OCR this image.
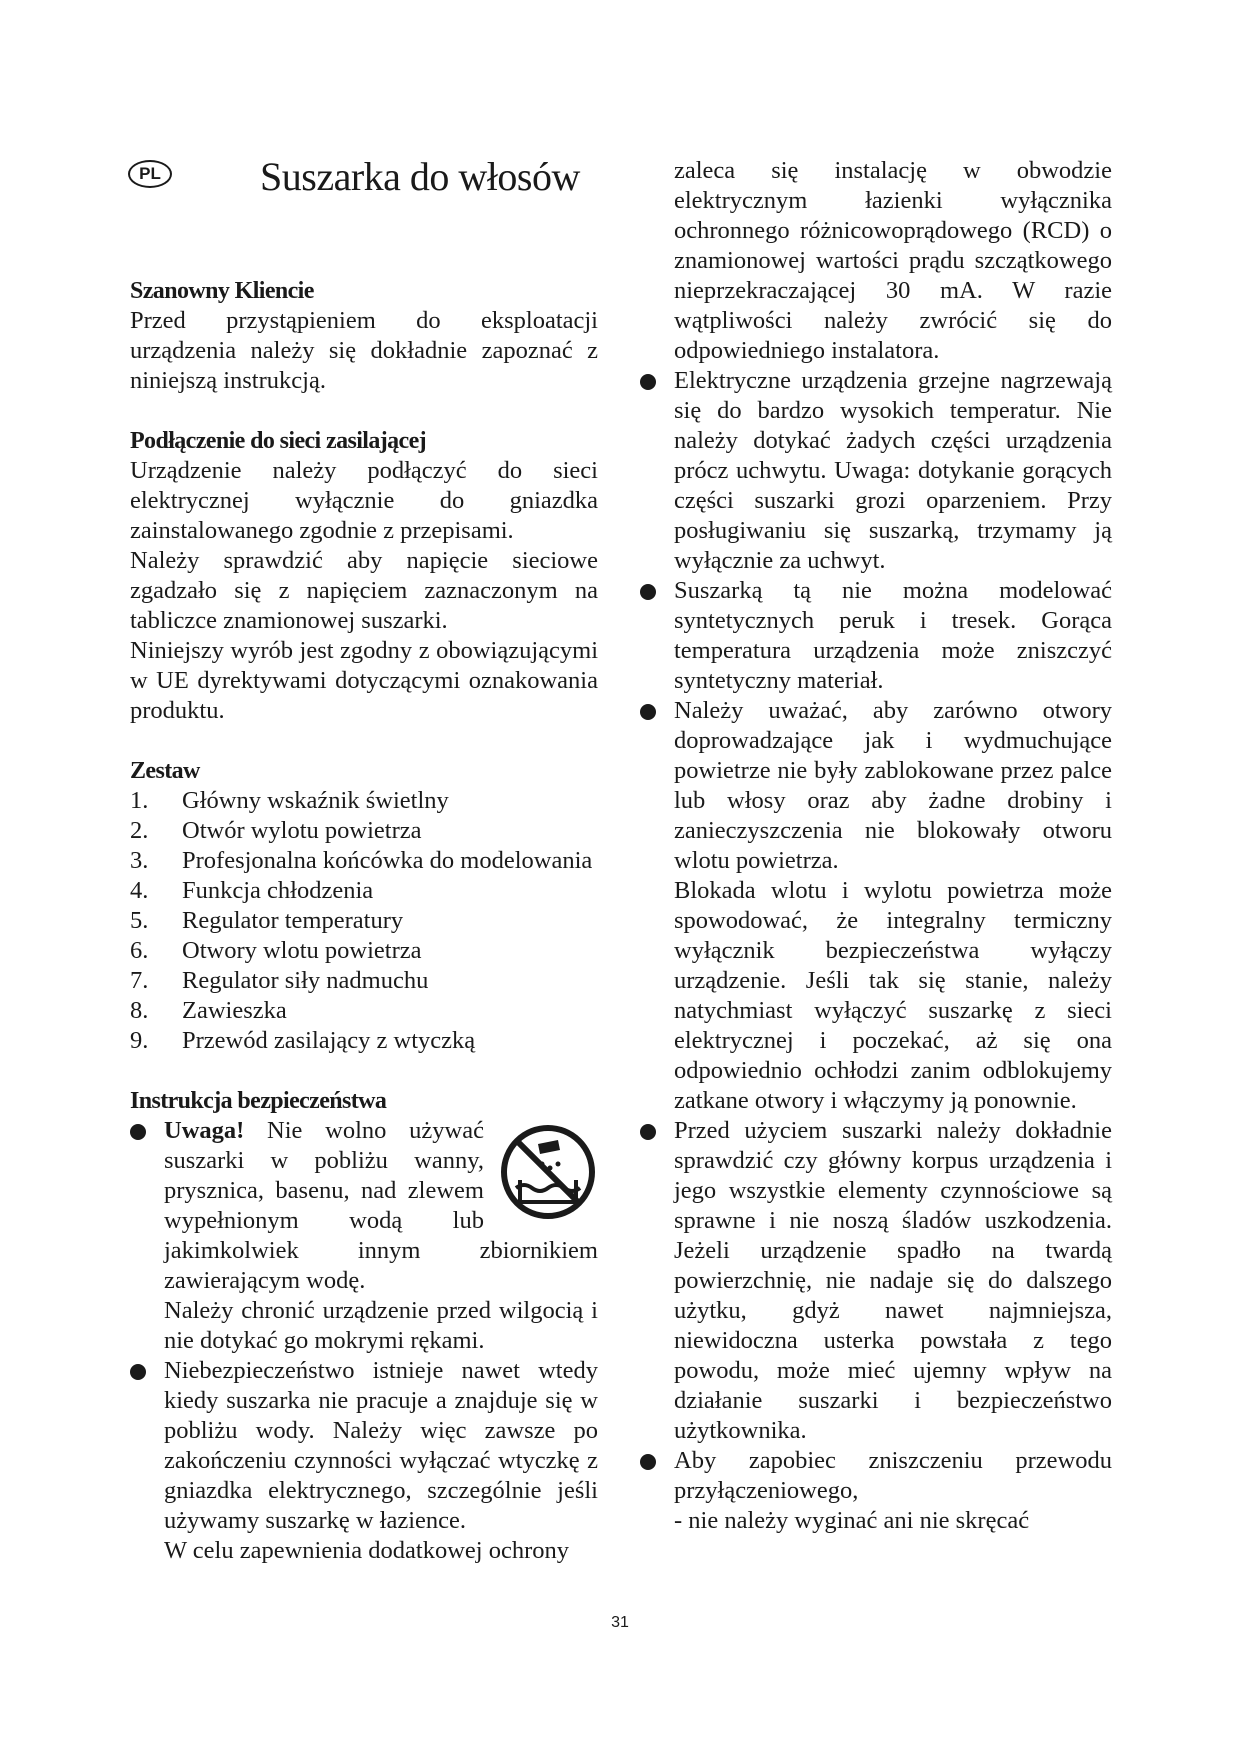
PL Suszarka do włosów
Szanowny Kliencie

Przed przystąpieniem do eksploatacji urządzenia należy się dokładnie zapoznać z niniejszą instrukcją.

Podłączenie do sieci zasilającej

Urządzenie należy podłączyć do sieci elektrycznej wyłącznie do gniazdka zainstalowanego zgodnie z przepisami.

Należy sprawdzić aby napięcie sieciowe zgadzało się z napięciem zaznaczonym na tabliczce znamionowej suszarki.

Niniejszy wyrób jest zgodny z obowiązującymi w UE dyrektywami dotyczącymi oznakowania produktu.

Zestaw
1. Główny wskaźnik świetlny
2. Otwór wylotu powietrza
3. Profesjonalna końcówka do modelowania
4. Funkcja chłodzenia
5. Regulator temperatury
6. Otwory wlotu powietrza
7. Regulator siły nadmuchu
8. Zawieszka
9. Przewód zasilający z wtyczką
Instrukcja bezpieczeństwa
Uwaga! Nie wolno używać suszarki w pobliżu wanny, prysznica, basenu, nad zlewem wypełnionym wodą lub jakimkolwiek innym zbiornikiem zawierającym wodę.
Należy chronić urządzenie przed wilgocią i nie dotykać go mokrymi rękami.
Niebezpieczeństwo istnieje nawet wtedy kiedy suszarka nie pracuje a znajduje się w pobliżu wody. Należy więc zawsze po zakończeniu czynności wyłączać wtyczkę z gniazdka elektrycznego, szczególnie jeśli używamy suszarkę w łazience.
W celu zapewnienia dodatkowej ochrony

zaleca się instalację w obwodzie elektrycznym łazienki wyłącznika ochronnego różnicowoprądowego (RCD) o znamionowej wartości prądu szczątkowego nieprzekraczającej 30 mA. W razie wątpliwości należy zwrócić się do odpowiedniego instalatora.

Elektryczne urządzenia grzejne nagrzewają się do bardzo wysokich temperatur. Nie należy dotykać żadych części urządzenia prócz uchwytu. Uwaga: dotykanie gorących części suszarki grozi oparzeniem. Przy posługiwaniu się suszarką, trzymamy ją wyłącznie za uchwyt.
Suszarką tą nie można modelować syntetycznych peruk i tresek. Gorąca temperatura urządzenia może zniszczyć syntetyczny materiał.
Należy uważać, aby zarówno otwory doprowadzające jak i wydmuchujące powietrze nie były zablokowane przez palce lub włosy oraz aby żadne drobiny i zanieczyszczenia nie blokowały otworu wlotu powietrza.
Blokada wlotu i wylotu powietrza może spowodować, że integralny termiczny wyłącznik bezpieczeństwa wyłączy urządzenie. Jeśli tak się stanie, należy natychmiast wyłączyć suszarkę z sieci elektrycznej i poczekać, aż się ona odpowiednio ochłodzi zanim odblokujemy zatkane otwory i włączymy ją ponownie.
Przed użyciem suszarki należy dokładnie sprawdzić czy główny korpus urządzenia i jego wszystkie elementy czynnościowe są sprawne i nie noszą śladów uszkodzenia. Jeżeli urządzenie spadło na twardą powierzchnię, nie nadaje się do dalszego użytku, gdyż nawet najmniejsza, niewidoczna usterka powstała z tego powodu, może mieć ujemny wpływ na działanie suszarki i bezpieczeństwo użytkownika.
Aby zapobiec zniszczeniu przewodu przyłączeniowego,
- nie należy wyginać ani nie skręcać
31
